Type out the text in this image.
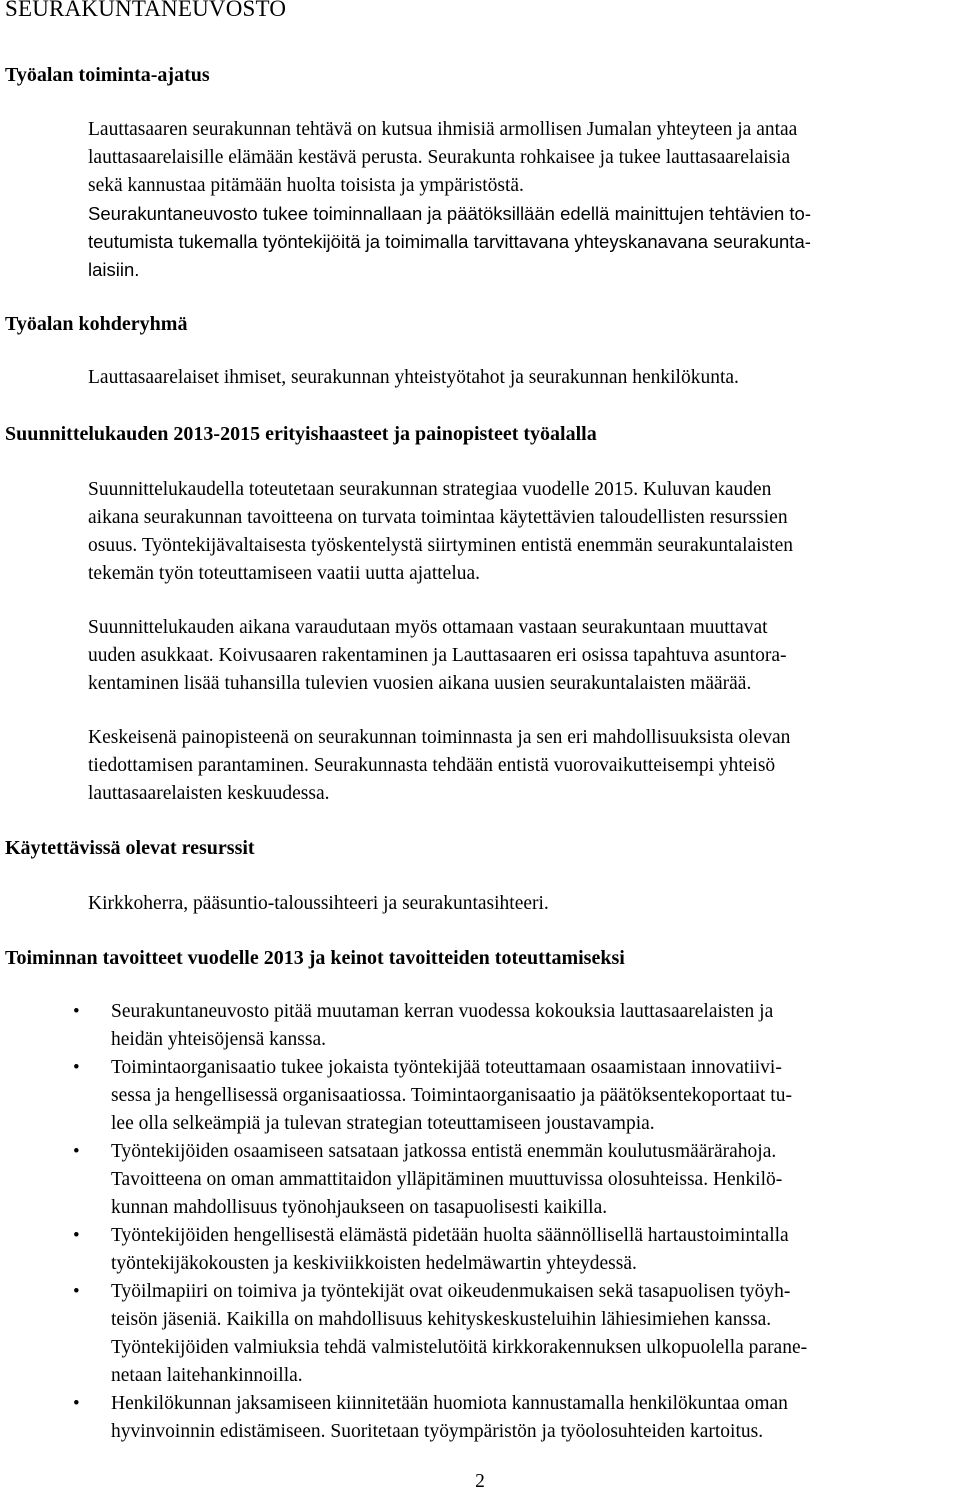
SEURAKUNTANEUVOSTO
Työalan toiminta-ajatus

Lauttasaaren seurakunnan tehtävä on kutsua ihmisiä armollisen Jumalan yhteyteen ja antaa
lauttasaarelaisille elämään kestävä perusta. Seurakunta rohkaisee ja tukee lauttasaarelaisia
sekä kannustaa pitämään huolta toisista ja ympäristöstä.

Seurakuntaneuvosto tukee toiminnallaan ja päätöksillään edellä mainittujen tehtävien to-
teutumista tukemalla työntekijöitä ja toimimalla tarvittavana yhteyskanavana seurakunta-
laisiin.

Työalan kohderyhmä

Lauttasaarelaiset ihmiset, seurakunnan yhteistyötahot ja seurakunnan henkilökunta.

Suunnittelukauden 2013-2015 erityishaasteet ja painopisteet työalalla

Suunnittelukaudella toteutetaan seurakunnan strategiaa vuodelle 2015. Kuluvan kauden
aikana seurakunnan tavoitteena on turvata toimintaa käytettävien taloudellisten resurssien
osuus. Työntekijävaltaisesta työskentelystä siirtyminen entistä enemmän seurakuntalaisten
tekemän työn toteuttamiseen vaatii uutta ajattelua.

Suunnittelukauden aikana varaudutaan myös ottamaan vastaan seurakuntaan muuttavat
uuden asukkaat. Koivusaaren rakentaminen ja Lauttasaaren eri osissa tapahtuva asuntora-
kentaminen lisää tuhansilla tulevien vuosien aikana uusien seurakuntalaisten määrää.

Keskeisenä painopisteenä on seurakunnan toiminnasta ja sen eri mahdollisuuksista olevan
tiedottamisen parantaminen. Seurakunnasta tehdään entistä vuorovaikutteisempi yhteisö
lauttasaarelaisten keskuudessa.

Käytettävissä olevat resurssit

Kirkkoherra, pääsuntio-taloussihteeri ja seurakuntasihteeri.

Toiminnan tavoitteet vuodelle 2013 ja keinot tavoitteiden toteuttamiseksi
• Seurakuntaneuvosto pitää muutaman kerran vuodessa kokouksia lauttasaarelaisten ja
heidän yhteisöjensä kanssa.
• Toimintaorganisaatio tukee jokaista työntekijää toteuttamaan osaamistaan innovatiivi-
sessa ja hengellisessä organisaatiossa. Toimintaorganisaatio ja päätöksentekoportaat tu-
lee olla selkeämpiä ja tulevan strategian toteuttamiseen joustavampia.
• Työntekijöiden osaamiseen satsataan jatkossa entistä enemmän koulutusmäärärahoja.
Tavoitteena on oman ammattitaidon ylläpitäminen muuttuvissa olosuhteissa. Henkilö-
kunnan mahdollisuus työnohjaukseen on tasapuolisesti kaikilla.
• Työntekijöiden hengellisestä elämästä pidetään huolta säännöllisellä hartaustoimintalla
työntekijäkokousten ja keskiviikkoisten hedelmäwartin yhteydessä.
• Työilmapiiri on toimiva ja työntekijät ovat oikeudenmukaisen sekä tasapuolisen työyh-
teisön jäseniä. Kaikilla on mahdollisuus kehityskeskusteluihin lähiesimiehen kanssa.
Työntekijöiden valmiuksia tehdä valmistelutöitä kirkkorakennuksen ulkopuolella parane-
netaan laitehankinnoilla.
• Henkilökunnan jaksamiseen kiinnitetään huomiota kannustamalla henkilökuntaa oman
hyvinvoinnin edistämiseen. Suoritetaan työympäristön ja työolosuhteiden kartoitus.
2
